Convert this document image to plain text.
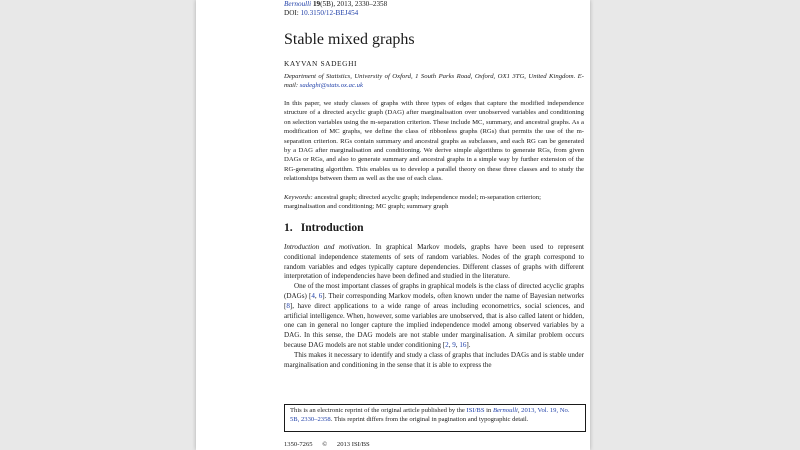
Bernoulli 19(5B), 2013, 2330–2358
DOI: 10.3150/12-BEJ454
Stable mixed graphs
KAYVAN SADEGHI
Department of Statistics, University of Oxford, 1 South Parks Road, Oxford, OX1 3TG, United Kingdom. E-mail: sadeghi@stats.ox.ac.uk
In this paper, we study classes of graphs with three types of edges that capture the modified independence structure of a directed acyclic graph (DAG) after marginalisation over unobserved variables and conditioning on selection variables using the m-separation criterion. These include MC, summary, and ancestral graphs. As a modification of MC graphs, we define the class of ribbonless graphs (RGs) that permits the use of the m-separation criterion. RGs contain summary and ancestral graphs as subclasses, and each RG can be generated by a DAG after marginalisation and conditioning. We derive simple algorithms to generate RGs, from given DAGs or RGs, and also to generate summary and ancestral graphs in a simple way by further extension of the RG-generating algorithm. This enables us to develop a parallel theory on these three classes and to study the relationships between them as well as the use of each class.
Keywords: ancestral graph; directed acyclic graph; independence model; m-separation criterion; marginalisation and conditioning; MC graph; summary graph
1. Introduction

Introduction and motivation. In graphical Markov models, graphs have been used to represent conditional independence statements of sets of random variables. Nodes of the graph correspond to random variables and edges typically capture dependencies. Different classes of graphs with different interpretation of independencies have been defined and studied in the literature.

One of the most important classes of graphs in graphical models is the class of directed acyclic graphs (DAGs) [4, 6]. Their corresponding Markov models, often known under the name of Bayesian networks [8], have direct applications to a wide range of areas including econometrics, social sciences, and artificial intelligence. When, however, some variables are unobserved, that is also called latent or hidden, one can in general no longer capture the implied independence model among observed variables by a DAG. In this sense, the DAG models are not stable under marginalisation. A similar problem occurs because DAG models are not stable under conditioning [2, 9, 16].

This makes it necessary to identify and study a class of graphs that includes DAGs and is stable under marginalisation and conditioning in the sense that it is able to express the

This is an electronic reprint of the original article published by the ISI/BS in Bernoulli, 2013, Vol. 19, No. 5B, 2330–2358. This reprint differs from the original in pagination and typographic detail.
1350-7265 © 2013 ISI/BS
